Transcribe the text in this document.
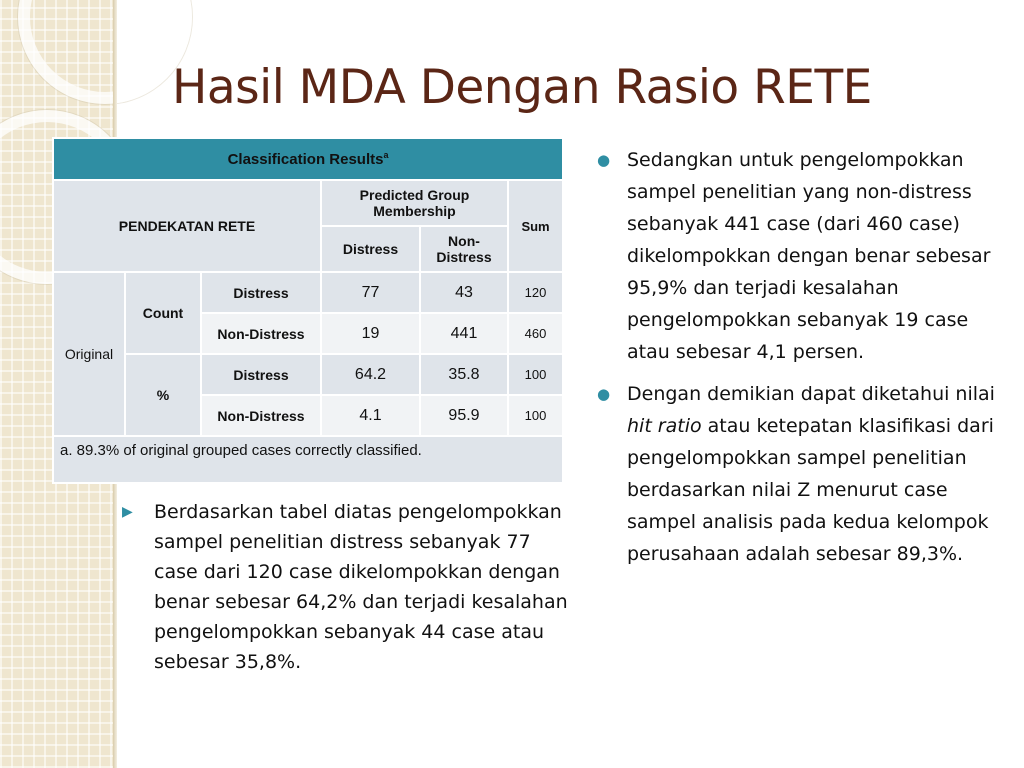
Hasil MDA Dengan Rasio RETE
Classification Results$^a$
PENDEKATAN RETE			Predicted Group Membership		Sum
			Distress	Non-Distress	
Original	Count	Distress	77	43	120
		Non-Distress	19	441	460
	%	Distress	64.2	35.8	100
		Non-Distress	4.1	95.9	100
a. 89.3% of original grouped cases correctly classified.					
● Sedangkan untuk pengelompokkan sampel penelitian yang non-distress sebanyak 441 case (dari 460 case) dikelompokkan dengan benar sebesar 95,9% dan terjadi kesalahan pengelompokkan sebanyak 19 case atau sebesar 4,1 persen.
● Dengan demikian dapat diketahui nilai hit ratio atau ketepatan klasifikasi dari pengelompokkan sampel penelitian berdasarkan nilai Z menurut case sampel analisis pada kedua kelompok perusahaan adalah sebesar 89,3%.
▶ Berdasarkan tabel diatas pengelompokkan sampel penelitian distress sebanyak 77 case dari 120 case dikelompokkan dengan benar sebesar 64,2% dan terjadi kesalahan pengelompokkan sebanyak 44 case atau sebesar 35,8%.
